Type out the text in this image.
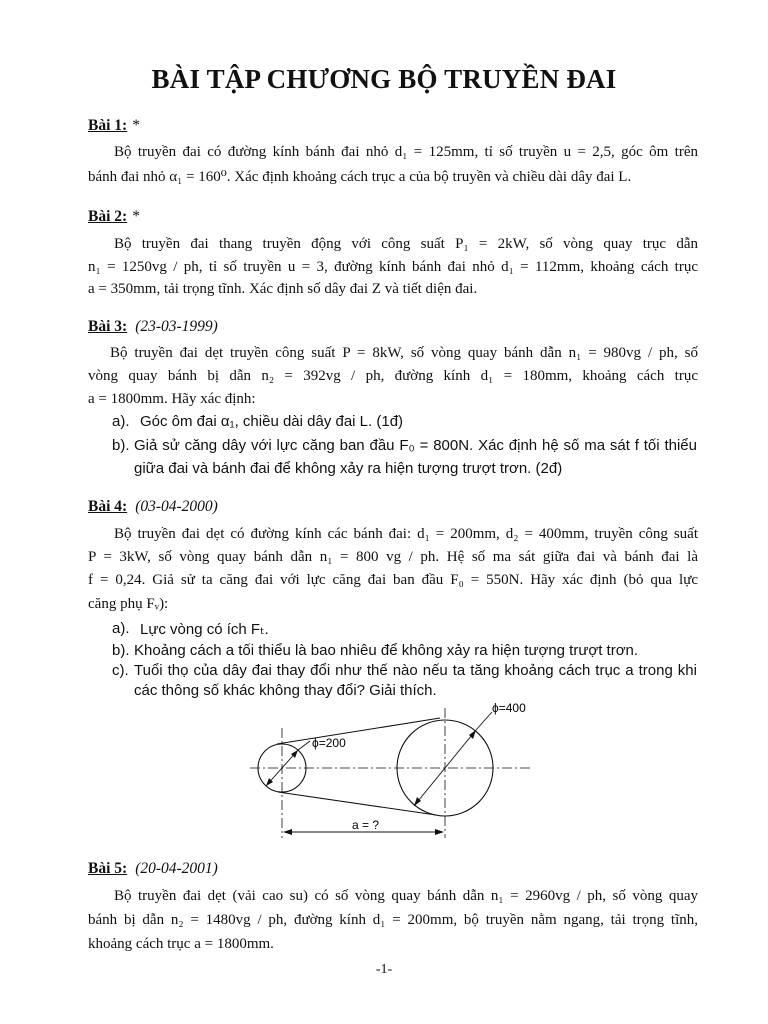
BÀI TẬP CHƯƠNG BỘ TRUYỀN ĐAI
Bài 1: *
Bộ truyền đai có đường kính bánh đai nhỏ d₁ = 125mm, tỉ số truyền u = 2,5, góc ôm trên
bánh đai nhỏ α₁ = 160⁰. Xác định khoảng cách trục a của bộ truyền và chiều dài dây đai L.
Bài 2: *
Bộ truyền đai thang truyền động với công suất P₁ = 2kW, số vòng quay trục dẫn
n₁ = 1250vg / ph, tỉ số truyền u = 3, đường kính bánh đai nhỏ d₁ = 112mm, khoảng cách trục
a = 350mm, tải trọng tĩnh. Xác định số dây đai Z và tiết diện đai.
Bài 3: (23-03-1999)
Bộ truyền đai dẹt truyền công suất P = 8kW, số vòng quay bánh dẫn n₁ = 980vg / ph, số
vòng quay bánh bị dẫn n₂ = 392vg / ph, đường kính d₁ = 180mm, khoảng cách trục
a = 1800mm. Hãy xác định:
a). Góc ôm đai α₁, chiều dài dây đai L. (1đ)
b). Giả sử căng dây với lực căng ban đầu F₀ = 800N. Xác định hệ số ma sát f tối thiểu
giữa đai và bánh đai để không xảy ra hiện tượng trượt trơn. (2đ)
Bài 4: (03-04-2000)
Bộ truyền đai dẹt có đường kính các bánh đai: d₁ = 200mm, d₂ = 400mm, truyền công suất
P = 3kW, số vòng quay bánh dẫn n₁ = 800 vg / ph. Hệ số ma sát giữa đai và bánh đai là
f = 0,24. Giả sử ta căng đai với lực căng đai ban đầu F₀ = 550N. Hãy xác định (bỏ qua lực
căng phụ Fᵥ):
a). Lực vòng có ích Fₜ.
b). Khoảng cách a tối thiểu là bao nhiêu để không xảy ra hiện tượng trượt trơn.
c). Tuổi thọ của dây đai thay đổi như thế nào nếu ta tăng khoảng cách trục a trong khi
các thông số khác không thay đổi? Giải thích.
ϕ=200
ϕ=400
a = ?
Bài 5: (20-04-2001)
Bộ truyền đai dẹt (vải cao su) có số vòng quay bánh dẫn n₁ = 2960vg / ph, số vòng quay
bánh bị dẫn n₂ = 1480vg / ph, đường kính d₁ = 200mm, bộ truyền nằm ngang, tải trọng tĩnh,
khoảng cách trục a = 1800mm.
-1-
